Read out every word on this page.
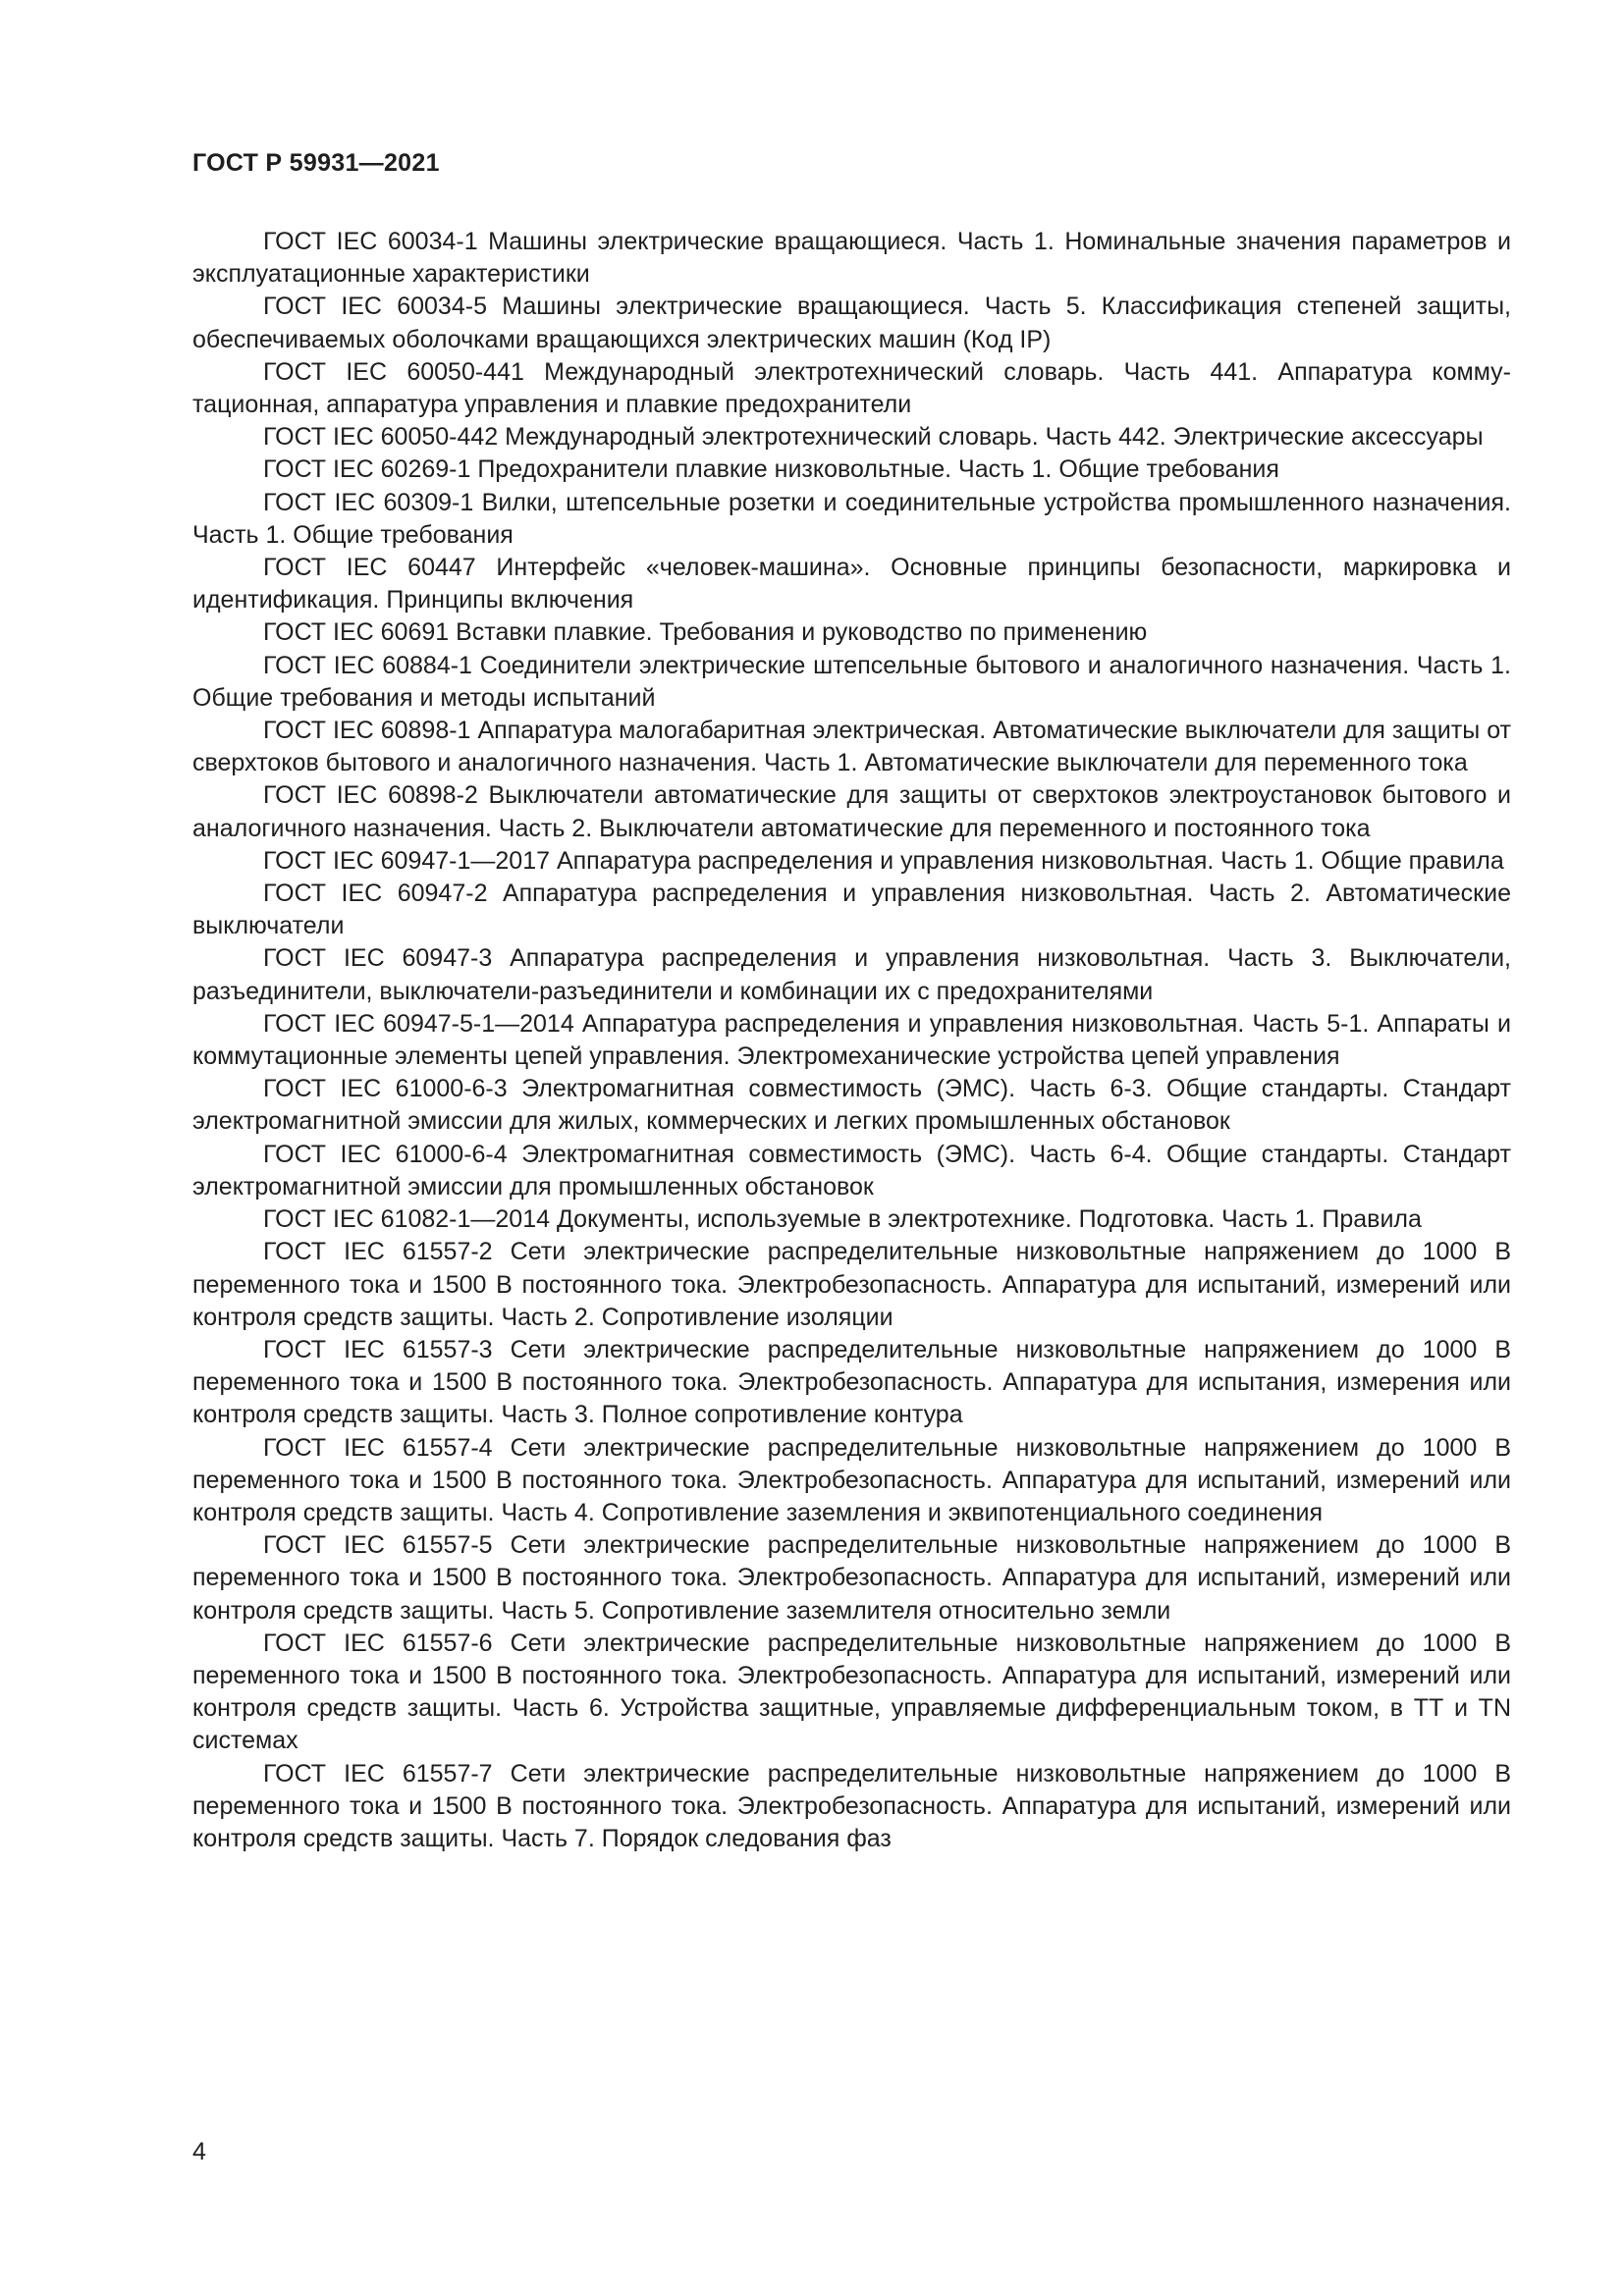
ГОСТ Р 59931—2021

ГОСТ IEC 60034-1 Машины электрические вращающиеся. Часть 1. Номинальные значения параметров и эксплуатационные характеристики

ГОСТ IEC 60034-5 Машины электрические вращающиеся. Часть 5. Классификация степеней защиты, обеспечиваемых оболочками вращающихся электрических машин (Код IP)

ГОСТ IEC 60050-441 Международный электротехнический словарь. Часть 441. Аппаратура коммутационная, аппаратура управления и плавкие предохранители

ГОСТ IEC 60050-442 Международный электротехнический словарь. Часть 442. Электрические аксессуары

ГОСТ IEC 60269-1 Предохранители плавкие низковольтные. Часть 1. Общие требования

ГОСТ IEC 60309-1 Вилки, штепсельные розетки и соединительные устройства промышленного назначения. Часть 1. Общие требования

ГОСТ IEC 60447 Интерфейс «человек-машина». Основные принципы безопасности, маркировка и идентификация. Принципы включения

ГОСТ IEC 60691 Вставки плавкие. Требования и руководство по применению

ГОСТ IEC 60884-1 Соединители электрические штепсельные бытового и аналогичного назначения. Часть 1. Общие требования и методы испытаний

ГОСТ IEC 60898-1 Аппаратура малогабаритная электрическая. Автоматические выключатели для защиты от сверхтоков бытового и аналогичного назначения. Часть 1. Автоматические выключатели для переменного тока

ГОСТ IEC 60898-2 Выключатели автоматические для защиты от сверхтоков электроустановок бытового и аналогичного назначения. Часть 2. Выключатели автоматические для переменного и постоянного тока

ГОСТ IEC 60947-1—2017 Аппаратура распределения и управления низковольтная. Часть 1. Общие правила

ГОСТ IEC 60947-2 Аппаратура распределения и управления низковольтная. Часть 2. Автоматические выключатели

ГОСТ IEC 60947-3 Аппаратура распределения и управления низковольтная. Часть 3. Выключатели, разъединители, выключатели-разъединители и комбинации их с предохранителями

ГОСТ IEC 60947-5-1—2014 Аппаратура распределения и управления низковольтная. Часть 5-1. Аппараты и коммутационные элементы цепей управления. Электромеханические устройства цепей управления

ГОСТ IEC 61000-6-3 Электромагнитная совместимость (ЭМС). Часть 6-3. Общие стандарты. Стандарт электромагнитной эмиссии для жилых, коммерческих и легких промышленных обстановок

ГОСТ IEC 61000-6-4 Электромагнитная совместимость (ЭМС). Часть 6-4. Общие стандарты. Стандарт электромагнитной эмиссии для промышленных обстановок

ГОСТ IEC 61082-1—2014 Документы, используемые в электротехнике. Подготовка. Часть 1. Правила

ГОСТ IEC 61557-2 Сети электрические распределительные низковольтные напряжением до 1000 В переменного тока и 1500 В постоянного тока. Электробезопасность. Аппаратура для испытаний, измерений или контроля средств защиты. Часть 2. Сопротивление изоляции

ГОСТ IEC 61557-3 Сети электрические распределительные низковольтные напряжением до 1000 В переменного тока и 1500 В постоянного тока. Электробезопасность. Аппаратура для испытания, измерения или контроля средств защиты. Часть 3. Полное сопротивление контура

ГОСТ IEC 61557-4 Сети электрические распределительные низковольтные напряжением до 1000 В переменного тока и 1500 В постоянного тока. Электробезопасность. Аппаратура для испытаний, измерений или контроля средств защиты. Часть 4. Сопротивление заземления и эквипотенциального соединения

ГОСТ IEC 61557-5 Сети электрические распределительные низковольтные напряжением до 1000 В переменного тока и 1500 В постоянного тока. Электробезопасность. Аппаратура для испытаний, измерений или контроля средств защиты. Часть 5. Сопротивление заземлителя относительно земли

ГОСТ IEC 61557-6 Сети электрические распределительные низковольтные напряжением до 1000 В переменного тока и 1500 В постоянного тока. Электробезопасность. Аппаратура для испытаний, измерений или контроля средств защиты. Часть 6. Устройства защитные, управляемые дифференциальным током, в ТТ и TN системах

ГОСТ IEC 61557-7 Сети электрические распределительные низковольтные напряжением до 1000 В переменного тока и 1500 В постоянного тока. Электробезопасность. Аппаратура для испытаний, измерений или контроля средств защиты. Часть 7. Порядок следования фаз

4
